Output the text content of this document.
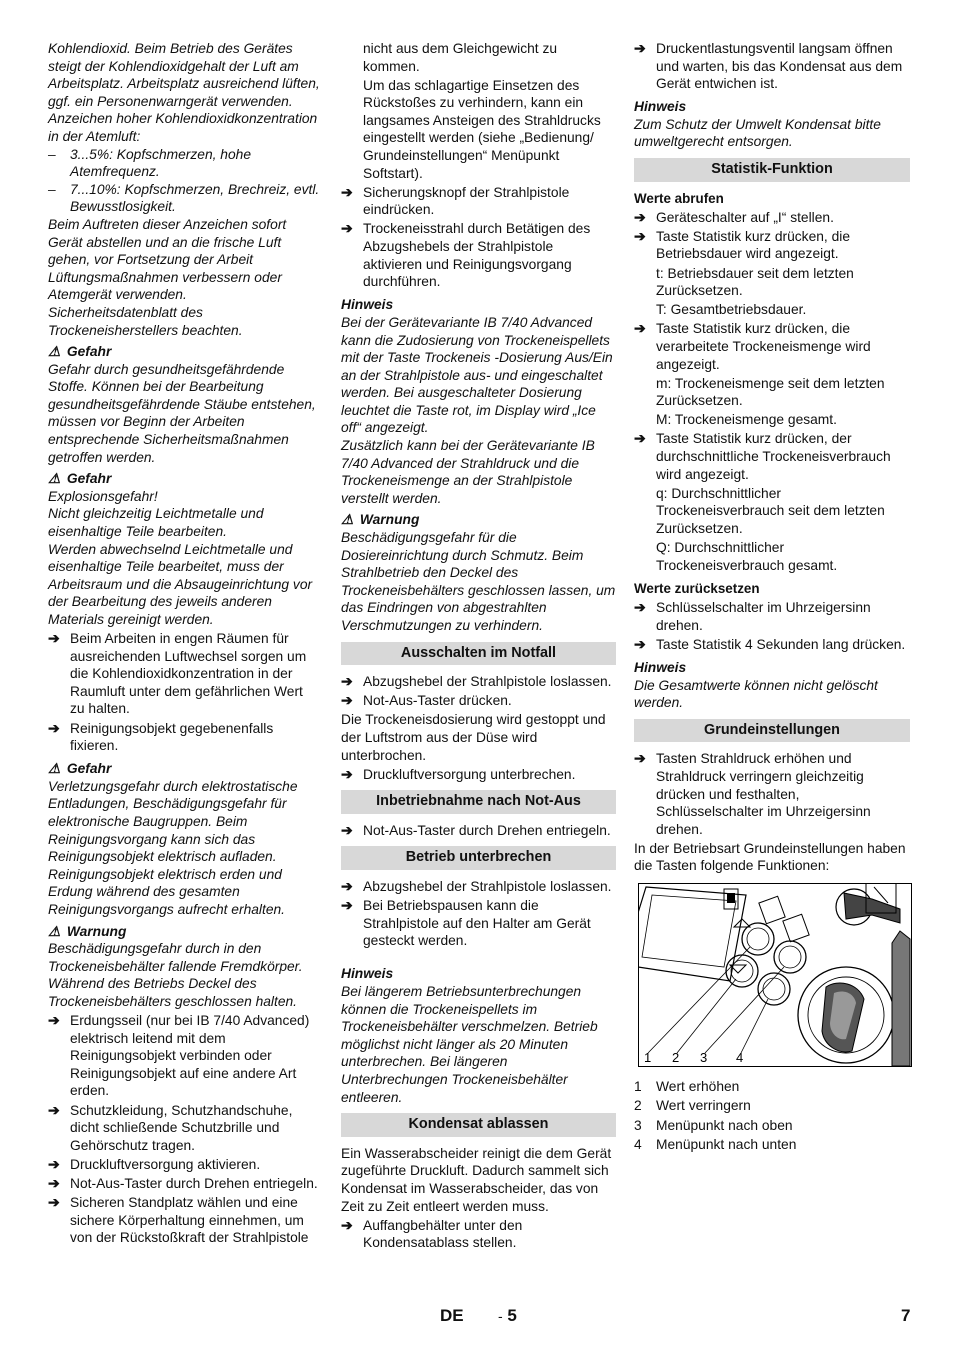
Kohlendioxid. Beim Betrieb des Gerätes steigt der Kohlendioxidgehalt der Luft am Arbeitsplatz. Arbeitsplatz ausreichend lüften, ggf. ein Personenwarngerät verwenden.

Anzeichen hoher Kohlendioxidkonzentration in der Atemluft:

– 3...5%: Kopfschmerzen, hohe Atemfrequenz.
– 7...10%: Kopfschmerzen, Brechreiz, evtl. Bewusstlosigkeit.

Beim Auftreten dieser Anzeichen sofort Gerät abstellen und an die frische Luft gehen, vor Fortsetzung der Arbeit Lüftungsmaßnahmen verbessern oder Atemgerät verwenden.

Sicherheitsdatenblatt des Trockeneisherstellers beachten.

⚠ Gefahr

Gefahr durch gesundheitsgefährdende Stoffe. Können bei der Bearbeitung gesundheitsgefährdende Stäube entstehen, müssen vor Beginn der Arbeiten entsprechende Sicherheitsmaßnahmen getroffen werden.

⚠ Gefahr

Explosionsgefahr!

Nicht gleichzeitig Leichtmetalle und eisenhaltige Teile bearbeiten.

Werden abwechselnd Leichtmetalle und eisenhaltige Teile bearbeitet, muss der Arbeitsraum und die Absaugeinrichtung vor der Bearbeitung des jeweils anderen Materials gereinigt werden.

➔ Beim Arbeiten in engen Räumen für ausreichenden Luftwechsel sorgen um die Kohlendioxidkonzentration in der Raumluft unter dem gefährlichen Wert zu halten.
➔ Reinigungsobjekt gegebenenfalls fixieren.
⚠ Gefahr

Verletzungsgefahr durch elektrostatische Entladungen, Beschädigungsgefahr für elektronische Baugruppen. Beim Reinigungsvorgang kann sich das Reinigungsobjekt elektrisch aufladen.

Reinigungsobjekt elektrisch erden und Erdung während des gesamten Reinigungsvorgangs aufrecht erhalten.

⚠ Warnung

Beschädigungsgefahr durch in den Trockeneisbehälter fallende Fremdkörper. Während des Betriebs Deckel des Trockeneisbehälters geschlossen halten.

➔ Erdungsseil (nur bei IB 7/40 Advanced) elektrisch leitend mit dem Reinigungsobjekt verbinden oder Reinigungsobjekt auf eine andere Art erden.
➔ Schutzkleidung, Schutzhandschuhe, dicht schließende Schutzbrille und Gehörschutz tragen.
➔ Druckluftversorgung aktivieren.
➔ Not-Aus-Taster durch Drehen entriegeln.
➔ Sicheren Standplatz wählen und eine sichere Körperhaltung einnehmen, um von der Rückstoßkraft der Strahlpistole

nicht aus dem Gleichgewicht zu kommen.

Um das schlagartige Einsetzen des Rückstoßes zu verhindern, kann ein langsames Ansteigen des Strahldrucks eingestellt werden (siehe „Bedienung/ Grundeinstellungen“ Menüpunkt Softstart).

➔ Sicherungsknopf der Strahlpistole eindrücken.
➔ Trockeneisstrahl durch Betätigen des Abzugshebels der Strahlpistole aktivieren und Reinigungsvorgang durchführen.
Hinweis

Bei der Gerätevariante IB 7/40 Advanced kann die Zudosierung von Trockeneispellets mit der Taste Trockeneis -Dosierung Aus/Ein an der Strahlpistole aus- und eingeschaltet werden. Bei ausgeschalteter Dosierung leuchtet die Taste rot, im Display wird „Ice off“ angezeigt.

Zusätzlich kann bei der Gerätevariante IB 7/40 Advanced der Strahldruck und die Trockeneismenge an der Strahlpistole verstellt werden.

⚠ Warnung

Beschädigungsgefahr für die Dosiereinrichtung durch Schmutz. Beim Strahlbetrieb den Deckel des Trockeneisbehälters geschlossen lassen, um das Eindringen von abgestrahlten Verschmutzungen zu verhindern.

Ausschalten im Notfall
➔ Abzugshebel der Strahlpistole loslassen.
➔ Not-Aus-Taster drücken.

Die Trockeneisdosierung wird gestoppt und der Luftstrom aus der Düse wird unterbrochen.

➔ Druckluftversorgung unterbrechen.
Inbetriebnahme nach Not-Aus
➔ Not-Aus-Taster durch Drehen entriegeln.
Betrieb unterbrechen
➔ Abzugshebel der Strahlpistole loslassen.
➔ Bei Betriebspausen kann die Strahlpistole auf den Halter am Gerät gesteckt werden.
Hinweis

Bei längerem Betriebsunterbrechungen können die Trockeneispellets im Trockeneisbehälter verschmelzen. Betrieb möglichst nicht länger als 20 Minuten unterbrechen. Bei längeren Unterbrechungen Trockeneisbehälter entleeren.

Kondensat ablassen

Ein Wasserabscheider reinigt die dem Gerät zugeführte Druckluft. Dadurch sammelt sich Kondensat im Wasserabscheider, das von Zeit zu Zeit entleert werden muss.

➔ Auffangbehälter unter den Kondensatablass stellen.
➔ Druckentlastungsventil langsam öffnen und warten, bis das Kondensat aus dem Gerät entwichen ist.
Hinweis

Zum Schutz der Umwelt Kondensat bitte umweltgerecht entsorgen.

Statistik-Funktion
Werte abrufen
➔ Geräteschalter auf „I“ stellen.
➔ Taste Statistik kurz drücken, die Betriebsdauer wird angezeigt.

t: Betriebsdauer seit dem letzten Zurücksetzen.

T: Gesamtbetriebsdauer.

➔ Taste Statistik kurz drücken, die verarbeitete Trockeneismenge wird angezeigt.

m: Trockeneismenge seit dem letzten Zurücksetzen.

M: Trockeneismenge gesamt.

➔ Taste Statistik kurz drücken, der durchschnittliche Trockeneisverbrauch wird angezeigt.

q: Durchschnittlicher Trockeneisverbrauch seit dem letzten Zurücksetzen.

Q: Durchschnittlicher Trockeneisverbrauch gesamt.

Werte zurücksetzen
➔ Schlüsselschalter im Uhrzeigersinn drehen.
➔ Taste Statistik 4 Sekunden lang drücken.
Hinweis

Die Gesamtwerte können nicht gelöscht werden.

Grundeinstellungen
➔ Tasten Strahldruck erhöhen und Strahldruck verringern gleichzeitig drücken und festhalten, Schlüsselschalter im Uhrzeigersinn drehen.

In der Betriebsart Grundeinstellungen haben die Tasten folgende Funktionen:

1 2 3 4
1 Wert erhöhen
2 Wert verringern
3 Menüpunkt nach oben
4 Menüpunkt nach unten
DE - 5	7
